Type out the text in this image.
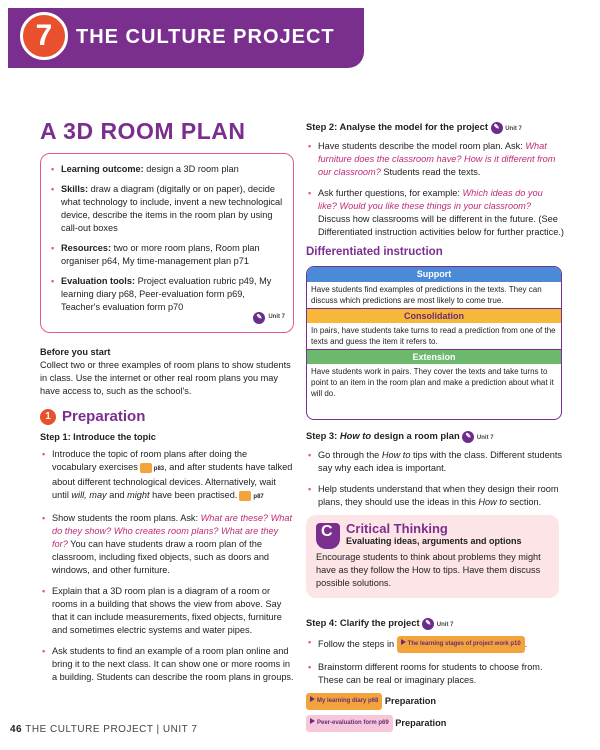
7	THE CULTURE PROJECT
A 3D ROOM PLAN
• Learning outcome: design a 3D room plan
• Skills: draw a diagram (digitally or on paper), decide what technology to include, invent a new technological device, describe the items in the room plan by using call-out boxes
• Resources: two or more room plans, Room plan organiser p64, My time-management plan p71
• Evaluation tools: Project evaluation rubric p49, My learning diary p68, Peer-evaluation form p69, Teacher's evaluation form p70
✎	Unit 7
Before you start
Collect two or three examples of room plans to show students in class. Use the internet or other real room plans you may have access to, such as the school's.
1 Preparation
Step 1: Introduce the topic
• Introduce the topic of room plans after doing the vocabulary exercises	p83, and after students have talked about different technological devices. Alternatively, wait until will, may and might have been practised.	p87
• Show students the room plans. Ask: What are these? What do they show? Who creates room plans? What are they for? You can have students draw a room plan of the classroom, including fixed objects, such as doors and windows, and other furniture.
• Explain that a 3D room plan is a diagram of a room or rooms in a building that shows the view from above. Say that it can include measurements, fixed objects, furniture and sometimes electric systems and water pipes.
• Ask students to find an example of a room plan online and bring it to the next class. It can show one or more rooms in a building. Students can describe the room plans in groups.
Step 2: Analyse the model for the project ✎ Unit 7
• Have students describe the model room plan. Ask: What furniture does the classroom have? How is it different from our classroom? Students read the texts.
• Ask further questions, for example: Which ideas do you like? Would you like these things in your classroom? Discuss how classrooms will be different in the future. (See Differentiated instruction activities below for further practice.)
Differentiated instruction
Support
Have students find examples of predictions in the texts. They can discuss which predictions are most likely to come true.
Consolidation
In pairs, have students take turns to read a prediction from one of the texts and guess the item it refers to.
Extension
Have students work in pairs. They cover the texts and take turns to point to an item in the room plan and make a prediction about what it will do.
Step 3: How to design a room plan ✎ Unit 7
• Go through the How to tips with the class. Different students say why each idea is important.
• Help students understand that when they design their room plans, they should use the ideas in this How to section.
C
Critical Thinking
Evaluating ideas, arguments and options
Encourage students to think about problems they might have as they follow the How to tips. Have them discuss possible solutions.
Step 4: Clarify the project ✎ Unit 7
• Follow the steps in The learning stages of project work p10 .
• Brainstorm different rooms for students to choose from. These can be real or imaginary places.
My learning diary p68 Preparation
Peer-evaluation form p69 Preparation
46 THE CULTURE PROJECT | UNIT 7
